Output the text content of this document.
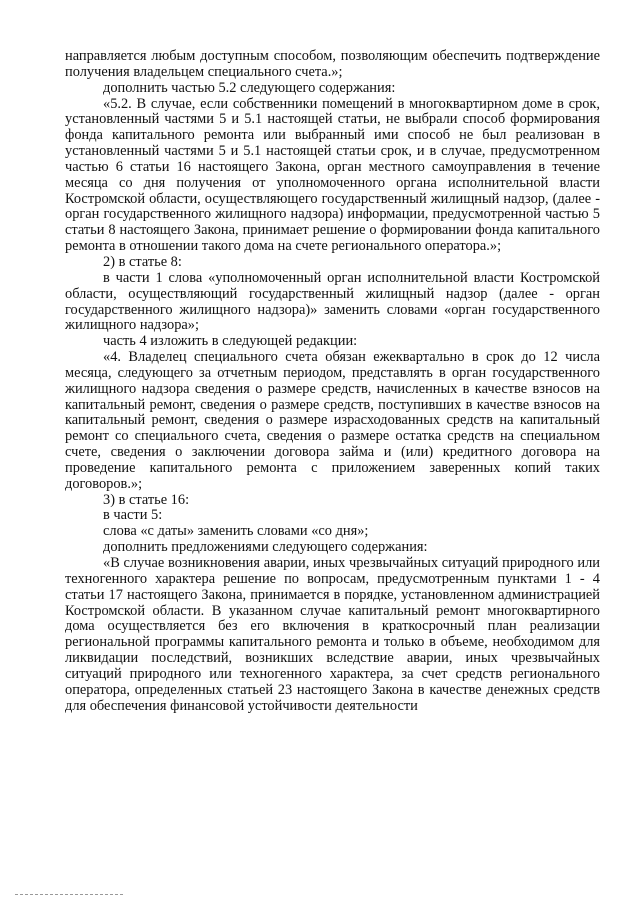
направляется любым доступным способом, позволяющим обеспечить подтверждение получения владельцем специального счета.»;

дополнить частью 5.2 следующего содержания:

«5.2. В случае, если собственники помещений в многоквартирном доме в срок, установленный частями 5 и 5.1 настоящей статьи, не выбрали способ формирования фонда капитального ремонта или выбранный ими способ не был реализован в установленный частями 5 и 5.1 настоящей статьи срок, и в случае, предусмотренном частью 6 статьи 16 настоящего Закона, орган местного самоуправления в течение месяца со дня получения от уполномоченного органа исполнительной власти Костромской области, осуществляющего государственный жилищный надзор, (далее - орган государственного жилищного надзора) информации, предусмотренной частью 5 статьи 8 настоящего Закона, принимает решение о формировании фонда капитального ремонта в отношении такого дома на счете регионального оператора.»;

2) в статье 8:

в части 1 слова «уполномоченный орган исполнительной власти Костромской области, осуществляющий государственный жилищный надзор (далее - орган государственного жилищного надзора)» заменить словами «орган государственного жилищного надзора»;

часть 4 изложить в следующей редакции:

«4. Владелец специального счета обязан ежеквартально в срок до 12 числа месяца, следующего за отчетным периодом, представлять в орган государственного жилищного надзора сведения о размере средств, начисленных в качестве взносов на капитальный ремонт, сведения о размере средств, поступивших в качестве взносов на капитальный ремонт, сведения о размере израсходованных средств на капитальный ремонт со специального счета, сведения о размере остатка средств на специальном счете, сведения о заключении договора займа и (или) кредитного договора на проведение капитального ремонта с приложением заверенных копий таких договоров.»;

3) в статье 16:

в части 5:

слова «с даты» заменить словами «со дня»;

дополнить предложениями следующего содержания:

«В случае возникновения аварии, иных чрезвычайных ситуаций природного или техногенного характера решение по вопросам, предусмотренным пунктами 1 - 4 статьи 17 настоящего Закона, принимается в порядке, установленном администрацией Костромской области. В указанном случае капитальный ремонт многоквартирного дома осуществляется без его включения в краткосрочный план реализации региональной программы капитального ремонта и только в объеме, необходимом для ликвидации последствий, возникших вследствие аварии, иных чрезвычайных ситуаций природного или техногенного характера, за счет средств регионального оператора, определенных статьей 23 настоящего Закона в качестве денежных средств для обеспечения финансовой устойчивости деятельности
